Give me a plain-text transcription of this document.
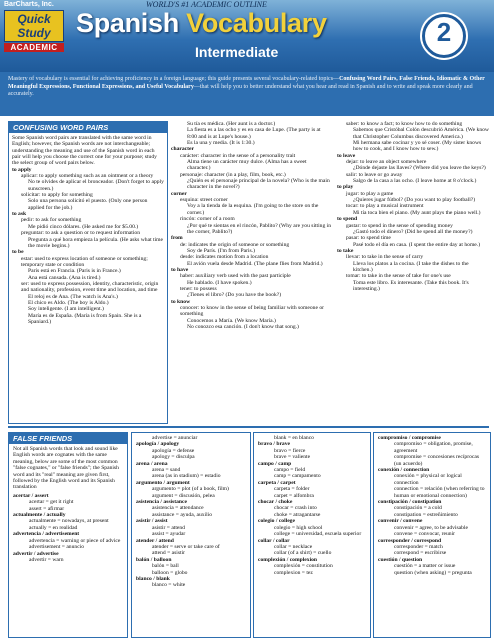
BarCharts, Inc.
Quick Study
ACADEMIC
WORLD'S #1 ACADEMIC OUTLINE
Spanish Vocabulary
Intermediate
2
Mastery of vocabulary is essential for achieving proficiency in a foreign language; this guide presents several vocabulary-related topics—Confusing Word Pairs, False Friends, Idiomatic & Other Meaningful Expressions, Functional Expressions, and Useful Vocabulary—that will help you to better understand what you hear and read in Spanish and to write and speak more clearly and accurately.
CONFUSING WORD PAIRS
Some Spanish word pairs are translated with the same word in English; however, the Spanish words are not interchangeable; understanding the meaning and use of the Spanish word in each pair will help you choose the correct one for your purpose; study the select group of word pairs below.
to apply
aplicar: to apply something such as an ointment or a theory
No te olvides de aplicar el bronceador. (Don't forget to apply sunscreen.)
solicitar: to apply for something
Solo una persona solicitó el puesto. (Only one person applied for the job.)
to ask
pedir: to ask for something
Me pidió cinco dólares. (He asked me for $5.00.)
preguntar: to ask a question or to request information
Pregunta a qué hora empieza la película. (He asks what time the movie begins.)
to be
estar: used to express location of someone or something; temporary state or condition
París está en Francia. (Paris is in France.)
Ana está cansada. (Ana is tired.)
ser: used to express possession, identity, characteristic, origin and nationality, profession, event time and location, and time
El reloj es de Ana. (The watch is Ana's.)
El chico es Aldo. (The boy is Aldo.)
Soy inteligente. (I am intelligent.)
María es de España. (María is from Spain. She is a Spaniard.)
Su tía es médica. (Her aunt is a doctor.)
La fiesta es a las ocho y es en casa de Lupe. (The party is at 8:00 and is at Lupe's house.)
Es la una y media. (It is 1:30.)
character
carácter: character in the sense of a personality trait
Alma tiene un carácter muy dulce. (Alma has a sweet character.)
personaje: character (in a play, film, book, etc.)
¿Quién es el personaje principal de la novela? (Who is the main character in the novel?)
corner
esquina: street corner
Voy a la tienda de la esquina. (I'm going to the store on the corner.)
rincón: corner of a room
¿Por qué te sientas en el rincón, Pablito? (Why are you sitting in the corner, Pablito?)
from
de: indicates the origin of someone or something
Soy de París. (I'm from Paris.)
desde: indicates motion from a location
El avión vuela desde Madrid. (The plane flies from Madrid.)
to have
haber: auxiliary verb used with the past participle
He hablado. (I have spoken.)
tener: to possess
¿Tienes el libro? (Do you have the book?)
to know
conocer: to know in the sense of being familiar with someone or something
Conocemos a María. (We know María.)
No conozco esa canción. (I don't know that song.)
saber: to know a fact; to know how to do something
Sabemos que Cristóbal Colón descubrió América. (We know that Christopher Columbus discovered America.)
Mi hermana sabe cocinar y yo sé coser. (My sister knows how to cook, and I know how to sew.)
to leave
dejar: to leave an object somewhere
¿Dónde dejaste las llaves? (Where did you leave the keys?)
salir: to leave or go away
Salgo de la casa a las ocho. (I leave home at 8 o'clock.)
to play
jugar: to play a game
¿Quieres jugar fútbol? (Do you want to play football?)
tocar: to play a musical instrument
Mi tía toca bien el piano. (My aunt plays the piano well.)
to spend
gastar: to spend in the sense of spending money
¿Gastó todo el dinero? (Did he spend all the money?)
pasar: to spend time
Pasé todo el día en casa. (I spent the entire day at home.)
to take
llevar: to take in the sense of carry
Lleva los platos a la cocina. (I take the dishes to the kitchen.)
tomar: to take in the sense of take for one's use
Toma este libro. Es interesante. (Take this book. It's interesting.)
FALSE FRIENDS
Not all Spanish words that look and sound like English words are cognates with the same meaning, below are some of the most common "false cognates," or "false friends"; the Spanish word and its "real" meaning are given first, followed by the English word and its Spanish translation
acertar / assert
acertar = get it right
assert = afirmar
actualmente / actually
actualmente = nowadays, at present
actually = en realidad
advertencia / advertisement
advertencia = warning or piece of advice
advertisement = anuncio
advertir / advertise
advertir = warn
advertise = anunciar
apología / apology
apología = defense
apology = disculpa
arena / arena
arena = sand
arena (as in stadium) = estadio
argumento / argument
argumento = plot (of a book, film)
argument = discusión, pelea
asistencia / assistance
asistencia = attendance
assistance = ayuda, auxilio
asistir / assist
asistir = attend
assist = ayudar
atender / attend
atender = serve or take care of
attend = asistir
balón / balloon
balón = ball
balloon = globo
blanco / blank
blanco = white
blank = en blanco
bravo / brave
bravo = fierce
brave = valiente
campo / camp
campo = field
camp = campamento
carpeta / carpet
carpeta = folder
carpet = alfombra
chocar / choke
chocar = crash into
choke = atragantarse
colegio / college
colegio = high school
college = universidad, escuela superior
collar / collar
collar = necklace
collar (of a shirt) = cuello
complexión / complexion
complexión = constitution
complexion = tez
compromiso / compromise
compromiso = obligation, promise, agreement
compromise = concesiones recíprocas (un acuerdo)
conexión / connection
conexión = physical or logical connection
connection = relación (when referring to human or emotional connection)
constipación / constipation
constipación = a cold
constipation = estreñimiento
convenir / convene
convenir = agree, to be advisable
convene = convocar, reunir
corresponder / correspond
corresponder = match
correspond = escribirse
cuestión / question
cuestión = a matter or issue
question (when asking) = pregunta
